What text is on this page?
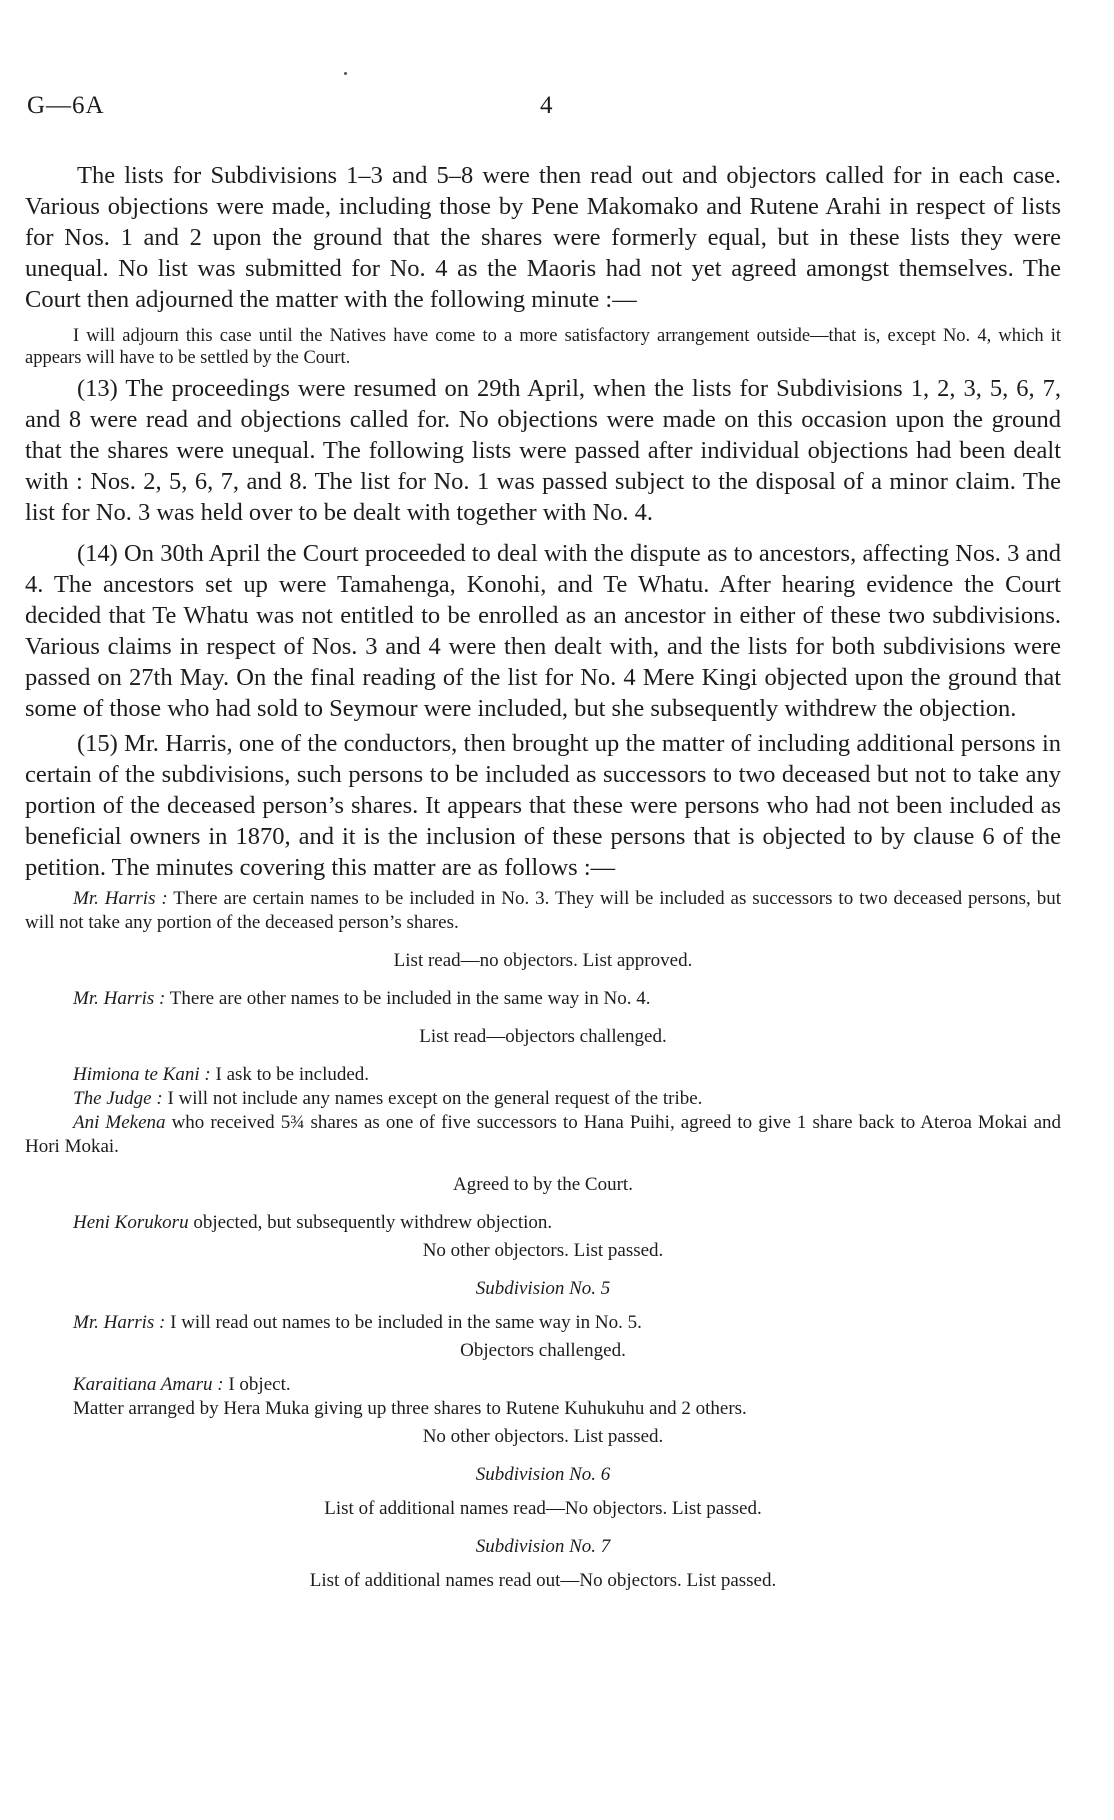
G—6A	4

The lists for Subdivisions 1–3 and 5–8 were then read out and objectors called for in each case. Various objections were made, including those by Pene Makomako and Rutene Arahi in respect of lists for Nos. 1 and 2 upon the ground that the shares were formerly equal, but in these lists they were unequal. No list was submitted for No. 4 as the Maoris had not yet agreed amongst themselves. The Court then adjourned the matter with the following minute :—

I will adjourn this case until the Natives have come to a more satisfactory arrangement outside—that is, except No. 4, which it appears will have to be settled by the Court.

(13) The proceedings were resumed on 29th April, when the lists for Subdivisions 1, 2, 3, 5, 6, 7, and 8 were read and objections called for. No objections were made on this occasion upon the ground that the shares were unequal. The following lists were passed after individual objections had been dealt with : Nos. 2, 5, 6, 7, and 8. The list for No. 1 was passed subject to the disposal of a minor claim. The list for No. 3 was held over to be dealt with together with No. 4.

(14) On 30th April the Court proceeded to deal with the dispute as to ancestors, affecting Nos. 3 and 4. The ancestors set up were Tamahenga, Konohi, and Te Whatu. After hearing evidence the Court decided that Te Whatu was not entitled to be enrolled as an ancestor in either of these two subdivisions. Various claims in respect of Nos. 3 and 4 were then dealt with, and the lists for both subdivisions were passed on 27th May. On the final reading of the list for No. 4 Mere Kingi objected upon the ground that some of those who had sold to Seymour were included, but she subsequently withdrew the objection.

(15) Mr. Harris, one of the conductors, then brought up the matter of including additional persons in certain of the subdivisions, such persons to be included as successors to two deceased but not to take any portion of the deceased person’s shares. It appears that these were persons who had not been included as beneficial owners in 1870, and it is the inclusion of these persons that is objected to by clause 6 of the petition. The minutes covering this matter are as follows :—

Mr. Harris : There are certain names to be included in No. 3. They will be included as successors to two deceased persons, but will not take any portion of the deceased person’s shares.

List read—no objectors. List approved.

Mr. Harris : There are other names to be included in the same way in No. 4.

List read—objectors challenged.

Himiona te Kani : I ask to be included.

The Judge : I will not include any names except on the general request of the tribe.

Ani Mekena who received 5¾ shares as one of five successors to Hana Puihi, agreed to give 1 share back to Ateroa Mokai and Hori Mokai.

Agreed to by the Court.

Heni Korukoru objected, but subsequently withdrew objection.

No other objectors. List passed.

Subdivision No. 5

Mr. Harris : I will read out names to be included in the same way in No. 5.

Objectors challenged.

Karaitiana Amaru : I object.

Matter arranged by Hera Muka giving up three shares to Rutene Kuhukuhu and 2 others.

No other objectors. List passed.

Subdivision No. 6

List of additional names read—No objectors. List passed.

Subdivision No. 7

List of additional names read out—No objectors. List passed.
